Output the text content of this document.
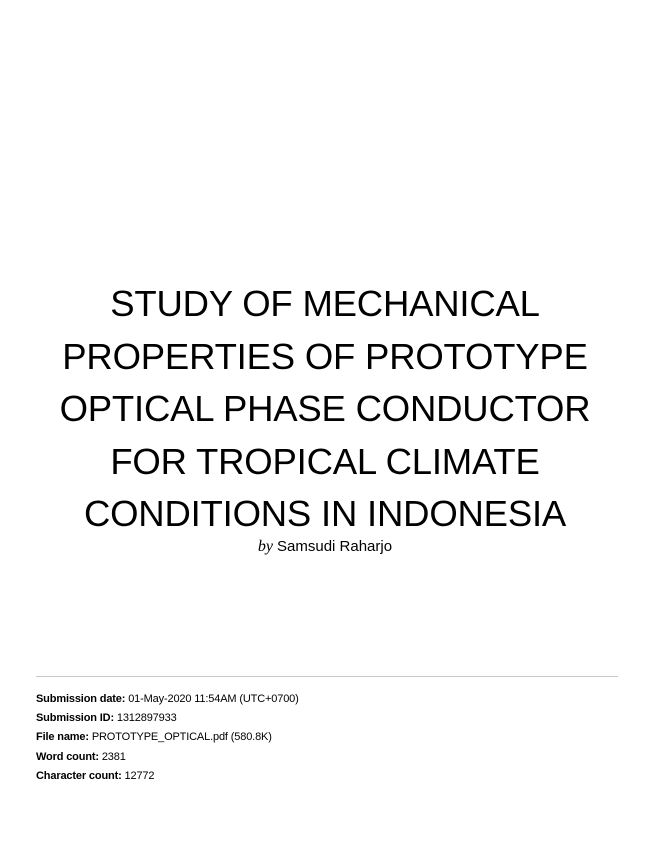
STUDY OF MECHANICAL
PROPERTIES OF PROTOTYPE
OPTICAL PHASE CONDUCTOR
FOR TROPICAL CLIMATE
CONDITIONS IN INDONESIA
by Samsudi Raharjo
Submission date: 01-May-2020 11:54AM (UTC+0700)
Submission ID: 1312897933
File name: PROTOTYPE_OPTICAL.pdf (580.8K)
Word count: 2381
Character count: 12772
